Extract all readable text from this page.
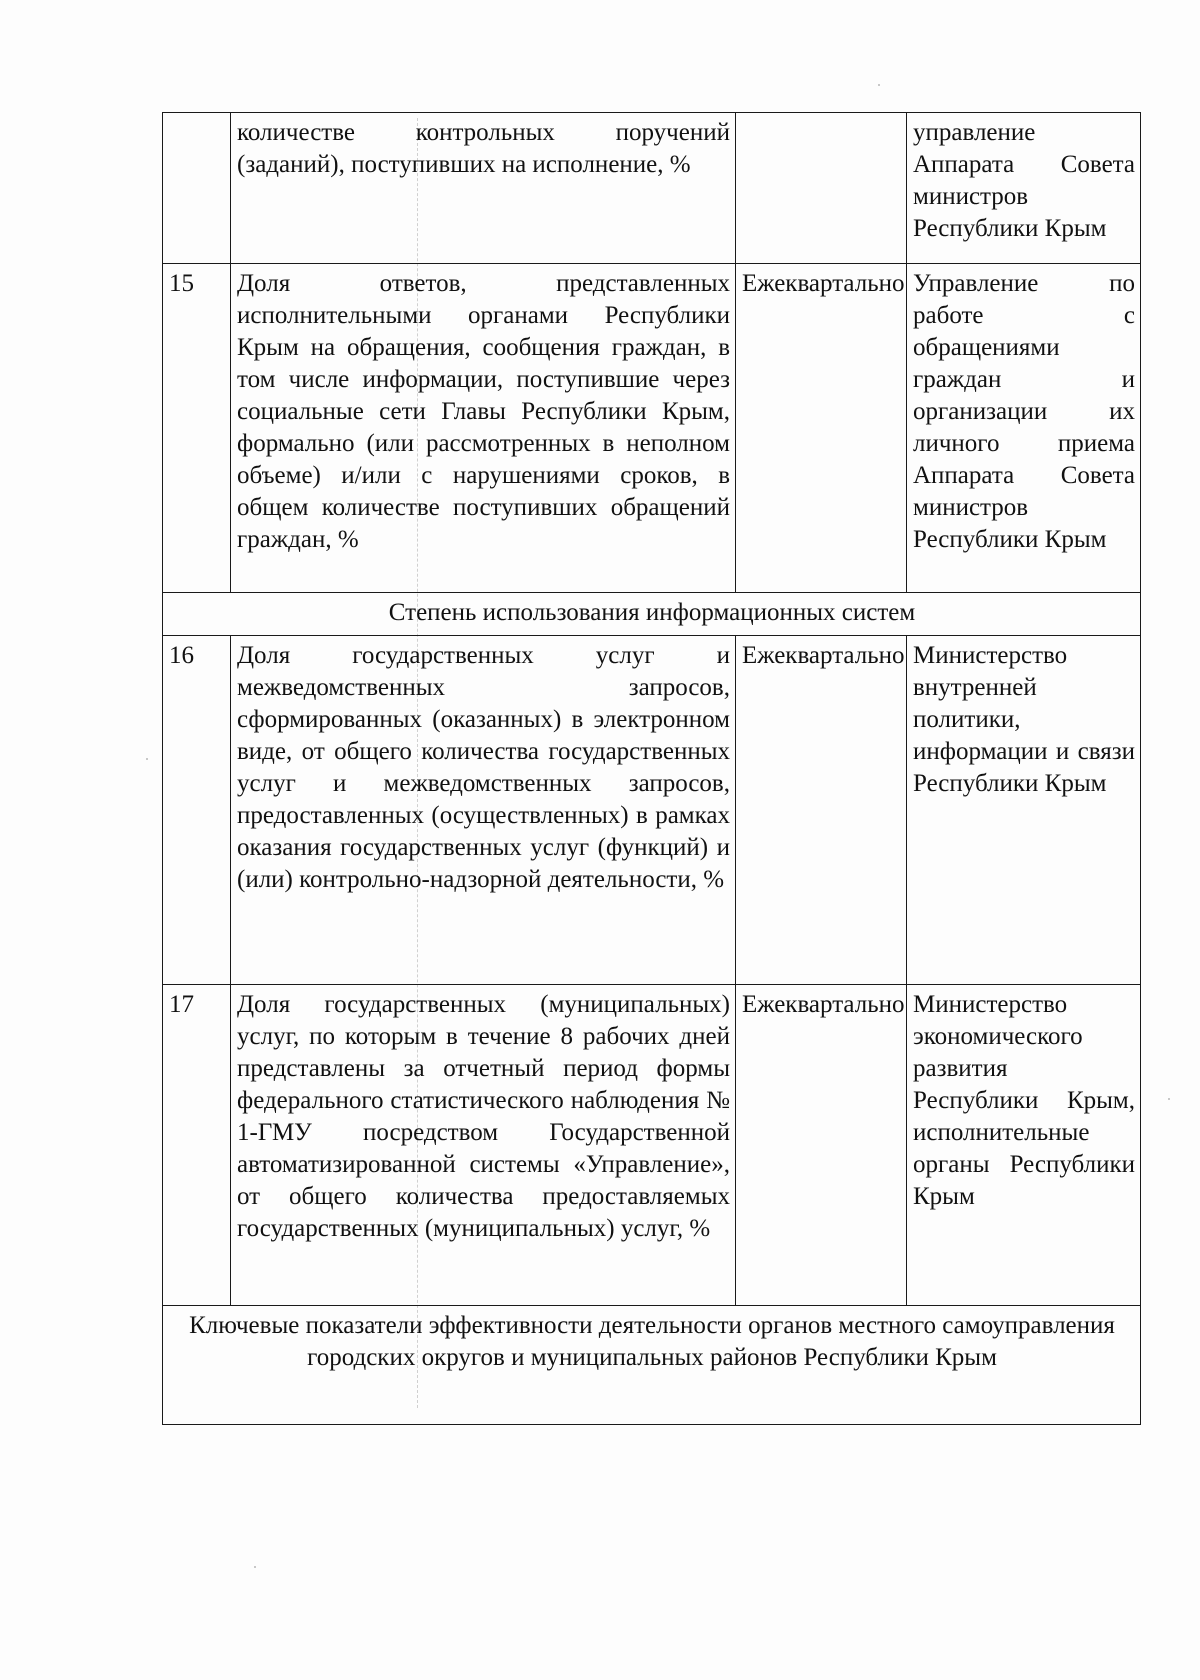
	количестве контрольных поручений (заданий), поступивших на исполнение, %		управление Аппарата Совета министров Республики Крым
15	Доля ответов, представленных исполнительными органами Республики Крым на обращения, сообщения граждан, в том числе информации, поступившие через социальные сети Главы Республики Крым, формально (или рассмотренных в неполном объеме) и/или с нарушениями сроков, в общем количестве поступивших обращений граждан, %	Ежеквартально	Управление по работе с обращениями граждан и организации их личного приема Аппарата Совета министров Республики Крым
Степень использования информационных систем			
16	Доля государственных услуг и межведомственных запросов, сформированных (оказанных) в электронном виде, от общего количества государственных услуг и межведомственных запросов, предоставленных (осуществленных) в рамках оказания государственных услуг (функций) и (или) контрольно-надзорной деятельности, %	Ежеквартально	Министерство внутренней политики, информации и связи Республики Крым
17	Доля государственных (муниципальных) услуг, по которым в течение 8 рабочих дней представлены за отчетный период формы федерального статистического наблюдения № 1-ГМУ посредством Государственной автоматизированной системы «Управление», от общего количества предоставляемых государственных (муниципальных) услуг, %	Ежеквартально	Министерство экономического развития Республики Крым, исполнительные органы Республики Крым
Ключевые показатели эффективности деятельности органов местного самоуправления городских округов и муниципальных районов Республики Крым			
